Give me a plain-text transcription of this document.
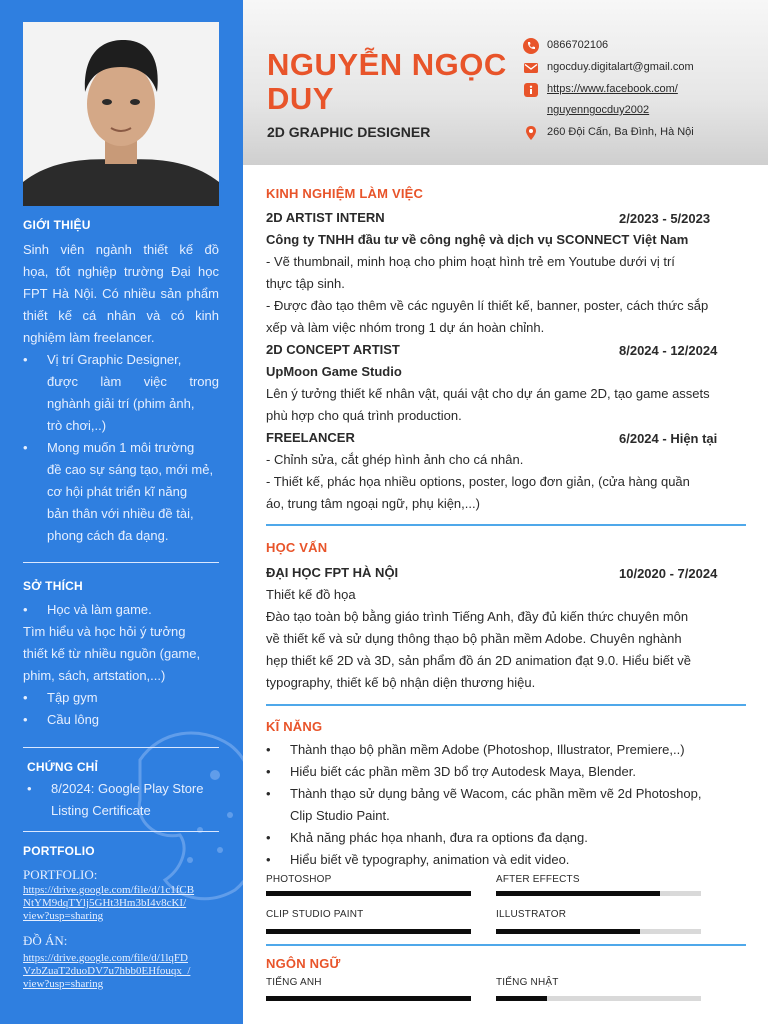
GIỚI THIỆU
Sinh viên ngành thiết kế đồ
họa, tốt nghiệp trường Đại học
FPT Hà Nội. Có nhiều sản phẩm
thiết kế cá nhân và có kinh
nghiệm làm freelancer.
• Vị trí Graphic Designer,
được làm việc trong
nghành giải trí (phim ảnh,
trò chơi,..)
• Mong muốn 1 môi trường
đề cao sự sáng tạo, mới mẻ,
cơ hội phát triển kĩ năng
bản thân với nhiều đề tài,
phong cách đa dạng.
SỞ THÍCH
• Học và làm game.
Tìm hiểu và học hỏi ý tưởng
thiết kế từ nhiều nguồn (game,
phim, sách, artstation,...)
• Tập gym
• Cầu lông
CHỨNG CHỈ
• 8/2024: Google Play Store
Listing Certificate
PORTFOLIO
PORTFOLIO:
https://drive.google.com/file/d/1c1fCB
NtYM9dqTYlj5GHt3Hm3bI4v8cKI/
view?usp=sharing
ĐỒ ÁN:
https://drive.google.com/file/d/1lqFD
VzbZuaT2duoDV7u7hbb0EHfouqx_/
view?usp=sharing
NGUYỄN NGỌC DUY
2D GRAPHIC DESIGNER
0866702106
ngocduy.digitalart@gmail.com
https://www.facebook.com/
nguyenngocduy2002
260 Đội Cấn, Ba Đình, Hà Nội
KINH NGHIỆM LÀM VIỆC
2D ARTIST INTERN	2/2023 - 5/2023
Công ty TNHH đầu tư về công nghệ và dịch vụ SCONNECT Việt Nam
- Vẽ thumbnail, minh hoạ cho phim hoạt hình trẻ em Youtube dưới vị trí
thực tập sinh.
- Được đào tạo thêm về các nguyên lí thiết kế, banner, poster, cách thức sắp
xếp và làm việc nhóm trong 1 dự án hoàn chỉnh.
2D CONCEPT ARTIST	8/2024 - 12/2024
UpMoon Game Studio
Lên ý tưởng thiết kế nhân vật, quái vật cho dự án game 2D, tạo game assets
phù hợp cho quá trình production.
FREELANCER	6/2024 - Hiện tại
- Chỉnh sửa, cắt ghép hình ảnh cho cá nhân.
- Thiết kế, phác họa nhiều options, poster, logo đơn giản, (cửa hàng quần
áo, trung tâm ngoại ngữ, phụ kiện,...)
HỌC VẤN
ĐẠI HỌC FPT HÀ NỘI	10/2020 - 7/2024
Thiết kế đồ họa
Đào tạo toàn bộ bằng giáo trình Tiếng Anh, đầy đủ kiến thức chuyên môn
về thiết kế và sử dụng thông thạo bộ phần mềm Adobe. Chuyên nghành
hẹp thiết kế 2D và 3D, sản phẩm đồ án 2D animation đạt 9.0. Hiểu biết về
typography, thiết kế bộ nhận diện thương hiệu.
KĨ NĂNG
• Thành thạo bộ phần mềm Adobe (Photoshop, Illustrator, Premiere,..)
• Hiểu biết các phần mềm 3D bổ trợ Autodesk Maya, Blender.
• Thành thạo sử dụng bảng vẽ Wacom, các phần mềm vẽ 2d Photoshop,
Clip Studio Paint.
• Khả năng phác họa nhanh, đưa ra options đa dạng.
• Hiểu biết về typography, animation và edit video.
PHOTOSHOP	AFTER EFFECTS
CLIP STUDIO PAINT	ILLUSTRATOR
NGÔN NGỮ
TIẾNG ANH	TIẾNG NHẬT
